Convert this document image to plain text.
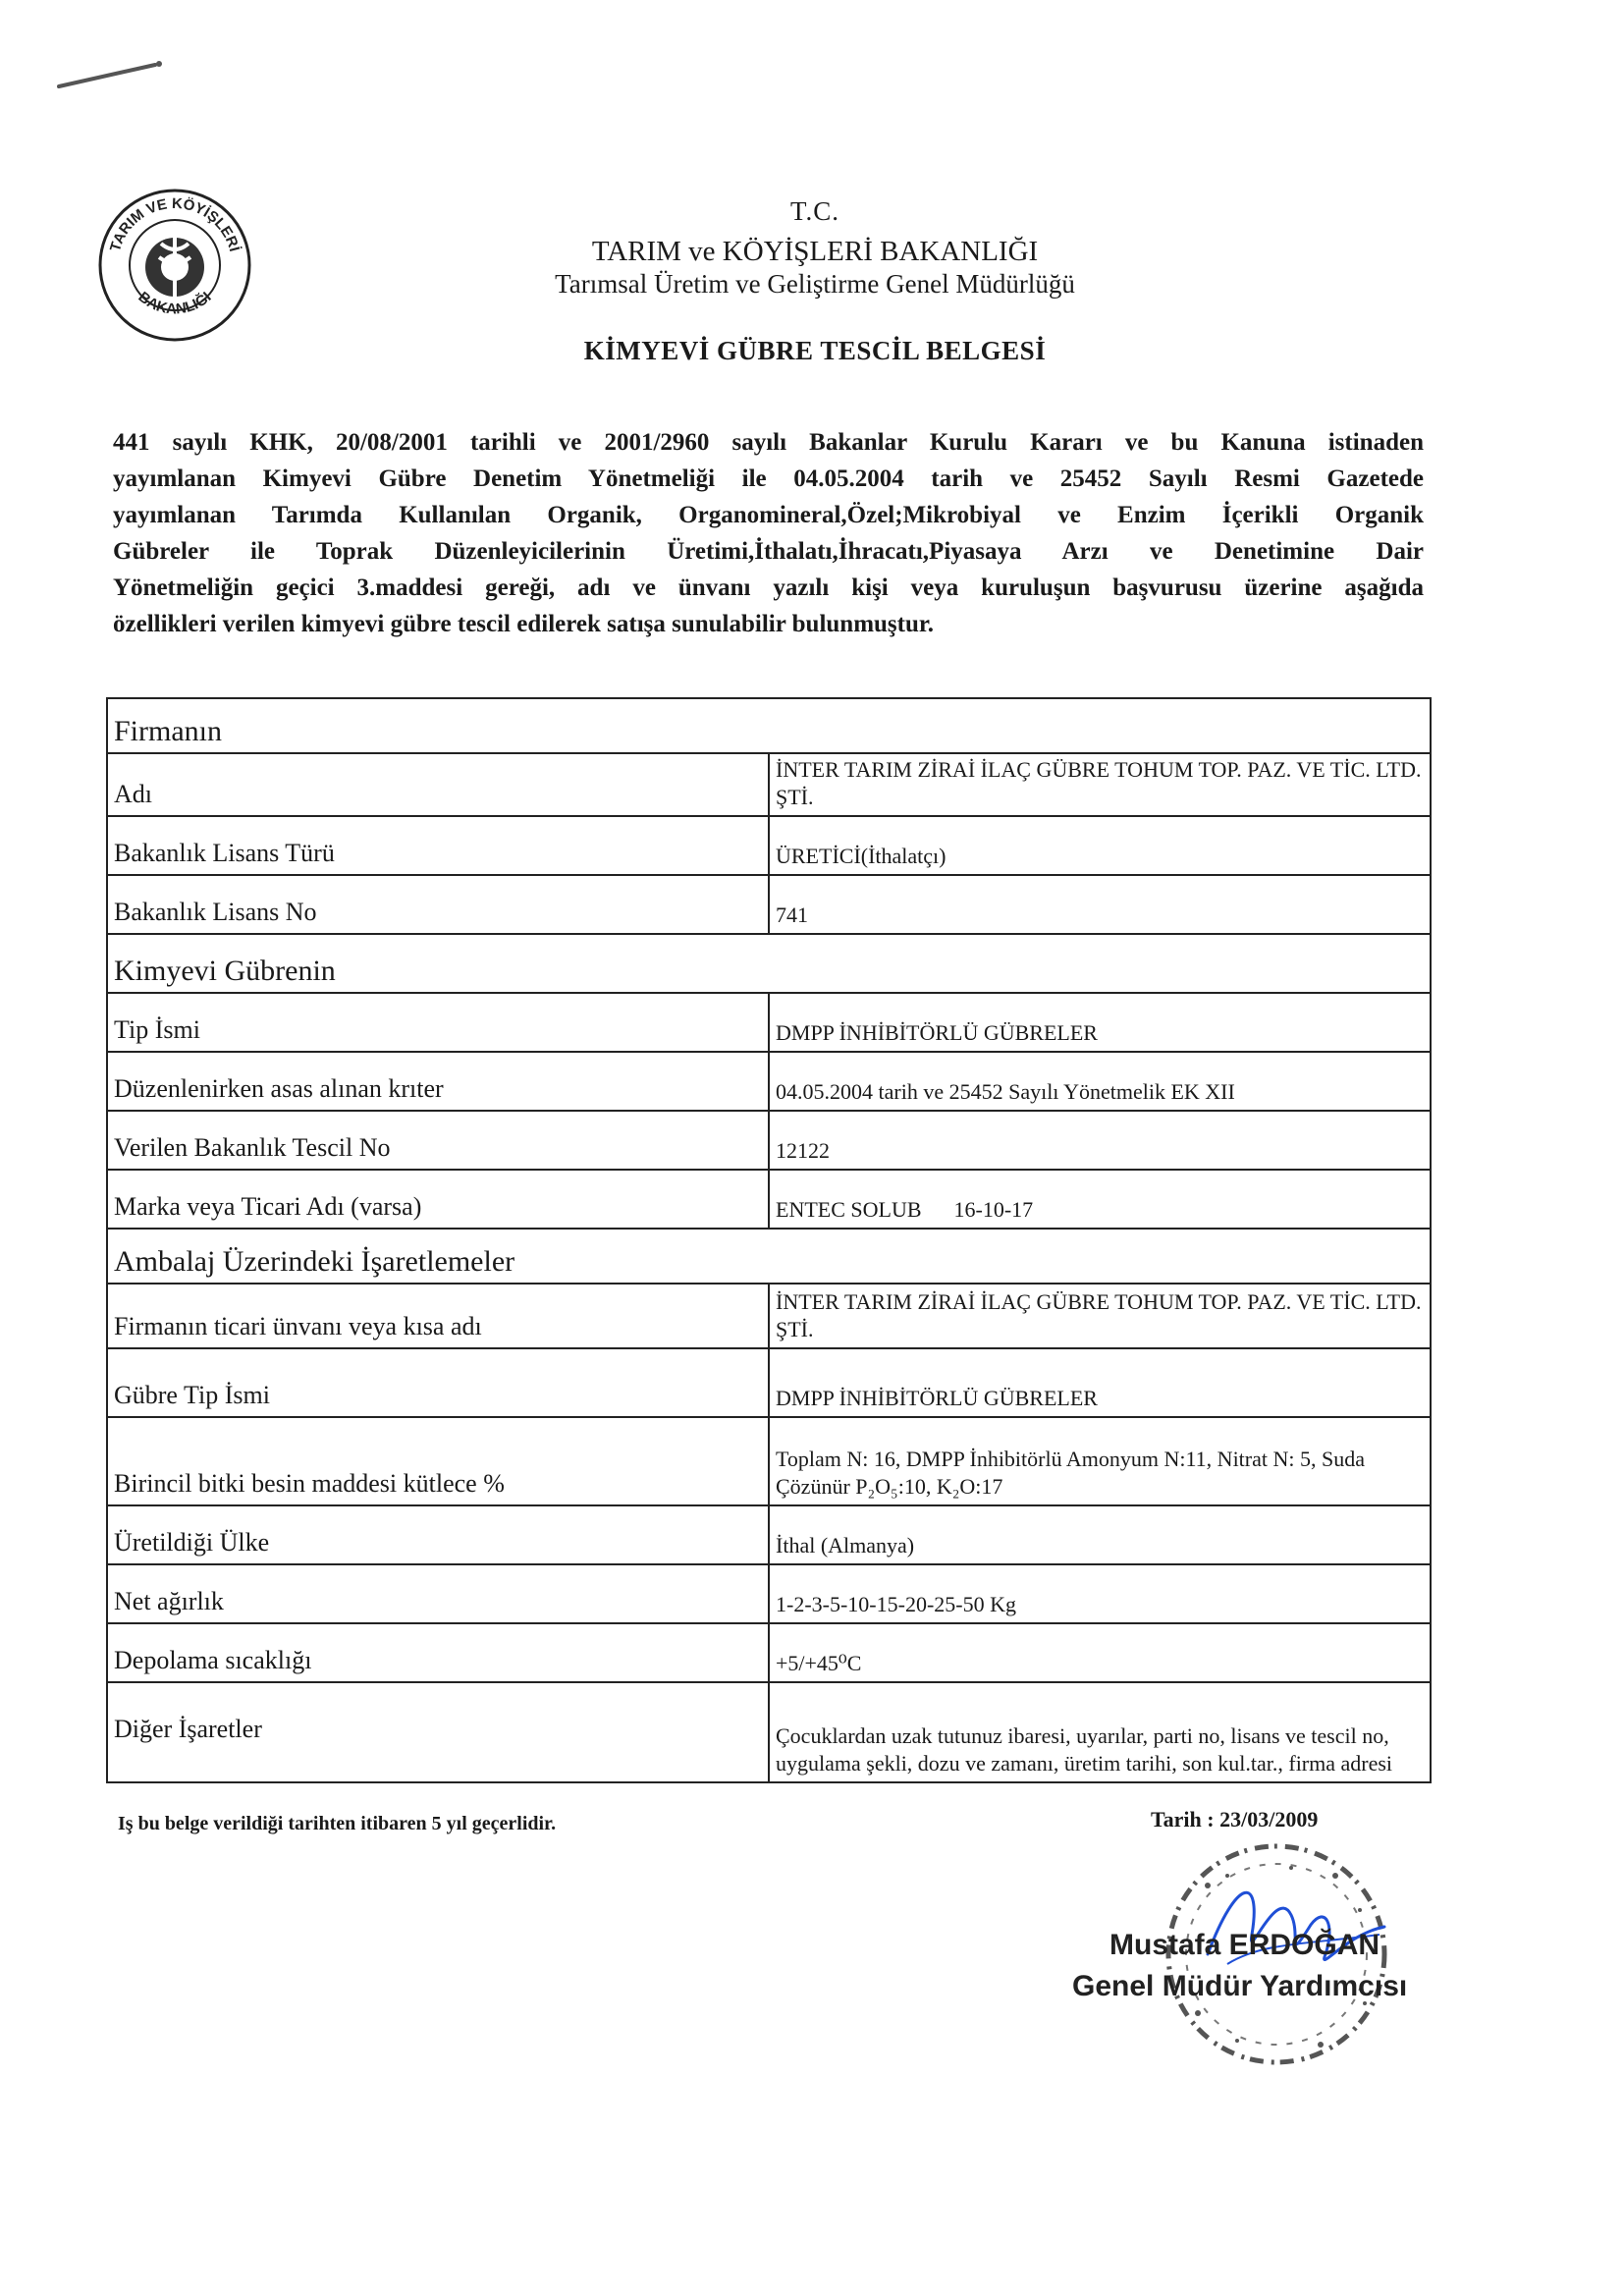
TARIM VE KÖYİŞLERİ
BAKANLIĞI
T.C.
TARIM ve KÖYİŞLERİ BAKANLIĞI
Tarımsal Üretim ve Geliştirme Genel Müdürlüğü
KİMYEVİ GÜBRE TESCİL BELGESİ
441 sayılı KHK, 20/08/2001 tarihli ve 2001/2960 sayılı Bakanlar Kurulu Kararı ve bu Kanuna istinaden
yayımlanan Kimyevi Gübre Denetim Yönetmeliği ile 04.05.2004 tarih ve 25452 Sayılı Resmi Gazetede
yayımlanan Tarımda Kullanılan Organik, Organomineral,Özel;Mikrobiyal ve Enzim İçerikli Organik
Gübreler ile Toprak Düzenleyicilerinin Üretimi,İthalatı,İhracatı,Piyasaya Arzı ve Denetimine Dair
Yönetmeliğin geçici 3.maddesi gereği, adı ve ünvanı yazılı kişi veya kuruluşun başvurusu üzerine aşağıda
özellikleri verilen kimyevi gübre tescil edilerek satışa sunulabilir bulunmuştur.
Firmanın	
Adı	İNTER TARIM ZİRAİ İLAÇ GÜBRE TOHUM TOP. PAZ. VE TİC. LTD. ŞTİ.
Bakanlık Lisans Türü	ÜRETİCİ(İthalatçı)
Bakanlık Lisans No	741
Kimyevi Gübrenin	
Tip İsmi	DMPP İNHİBİTÖRLÜ GÜBRELER
Düzenlenirken asas alınan krıter	04.05.2004 tarih ve 25452 Sayılı Yönetmelik EK XII
Verilen Bakanlık Tescil No	12122
Marka veya Ticari Adı (varsa)	ENTEC SOLUB      16-10-17
Ambalaj Üzerindeki İşaretlemeler	
Firmanın ticari ünvanı veya kısa adı	İNTER TARIM ZİRAİ İLAÇ GÜBRE TOHUM TOP. PAZ. VE TİC. LTD. ŞTİ.
Gübre Tip İsmi	DMPP İNHİBİTÖRLÜ GÜBRELER
Birincil bitki besin maddesi kütlece %	Toplam N: 16, DMPP İnhibitörlü Amonyum N:11, Nitrat N: 5, Suda Çözünür P₂O₅:10, K₂O:17
Üretildiği Ülke	İthal (Almanya)
Net ağırlık	1-2-3-5-10-15-20-25-50 Kg
Depolama sıcaklığı	+5/+45⁰C
Diğer İşaretler	Çocuklardan uzak tutunuz ibaresi, uyarılar, parti no, lisans ve tescil no, uygulama şekli, dozu ve zamanı, üretim tarihi, son kul.tar., firma adresi
Iş bu belge verildiği tarihten itibaren 5 yıl geçerlidir.	Tarih : 23/03/2009
Mustafa ERDOĞAN
Genel Müdür Yardımcısı
